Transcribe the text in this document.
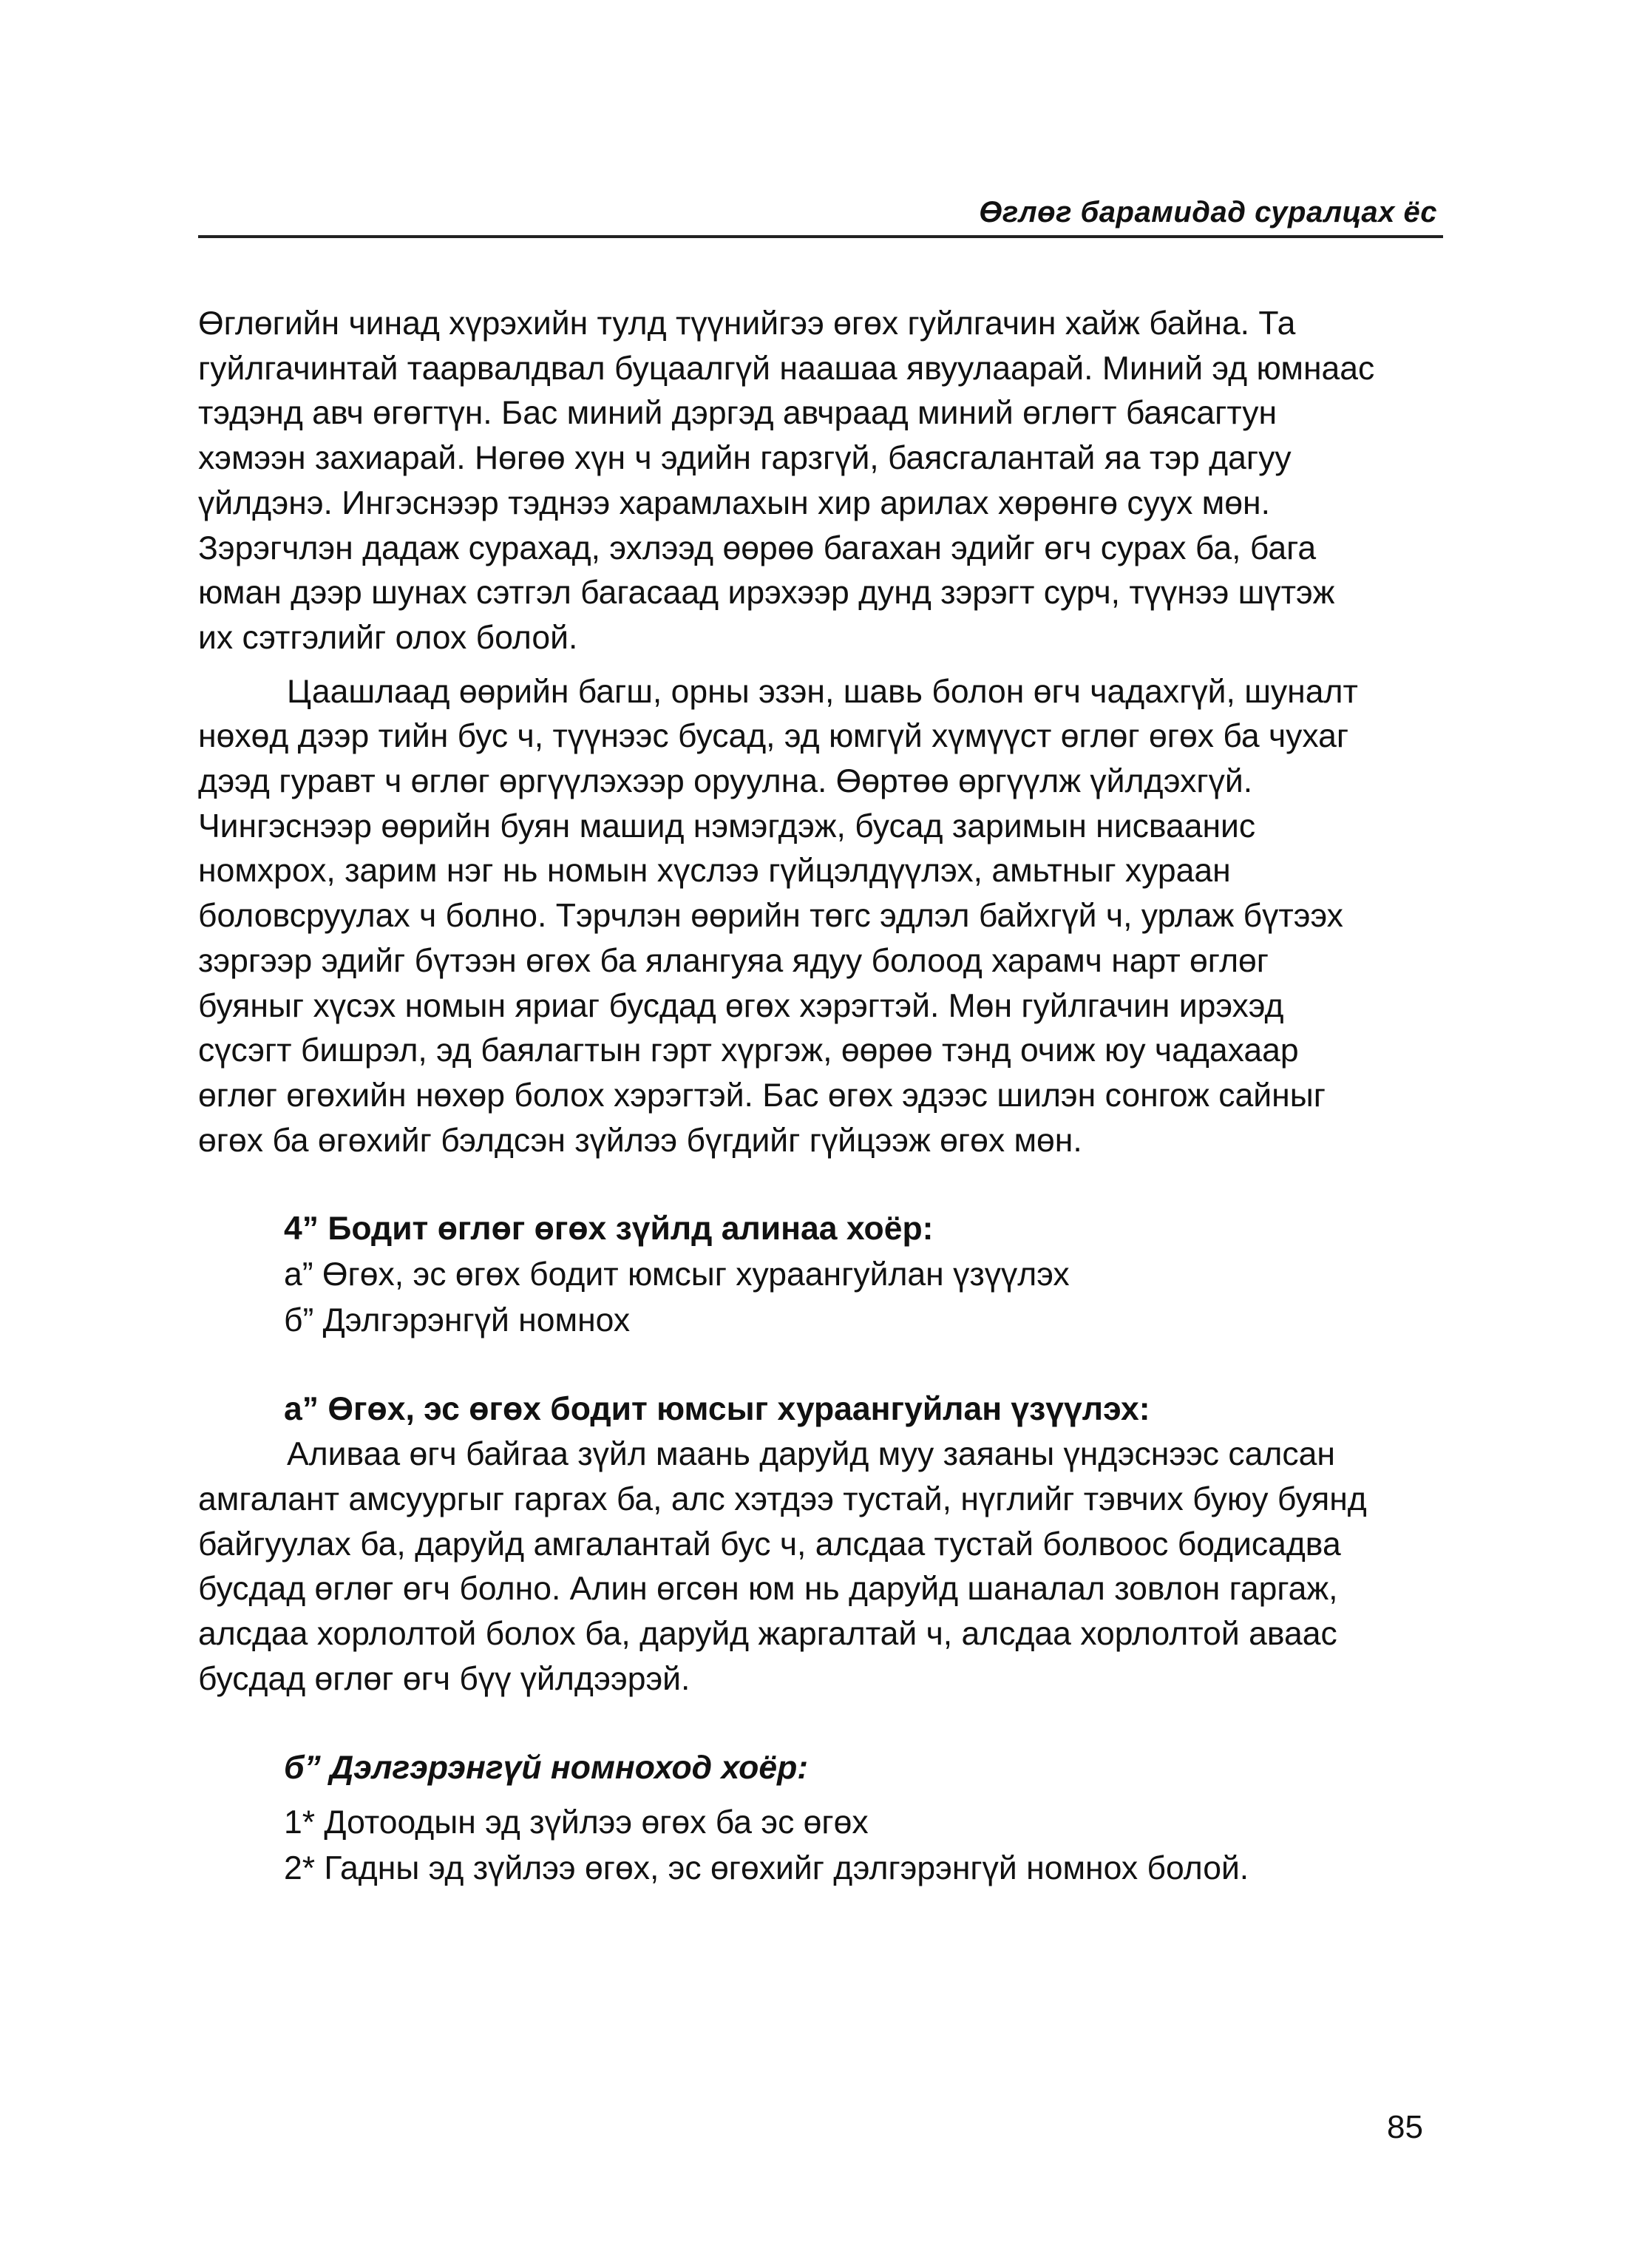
Өглөг барамидад суралцах ёс

Өглөгийн чинад хүрэхийн тулд түүнийгээ өгөх гуйлгачин хайж байна. Та

гуйлгачинтай таарвалдвал буцаалгүй наашaa явуулаарай. Миний эд юмнаас

тэдэнд авч өгөгтүн. Бас миний дэргэд авчраад миний өглөгт баясагтун

хэмээн захиарай. Нөгөө хүн ч эдийн гарзгүй, баясгалантай яа тэр дагуу

үйлдэнэ. Ингэснээр тэднээ харамлахын хир арилах хөрөнгө суух мөн.

Зэрэгчлэн дадаж сурахад, эхлээд өөрөө багахан эдийг өгч сурах ба, бага

юман дээр шунах сэтгэл багасаад ирэхээр дунд зэрэгт сурч, түүнээ шүтэж

их сэтгэлийг олох болой.

Цаашлаад өөрийн багш, орны эзэн, шавь болон өгч чадахгүй, шуналт

нөхөд дээр тийн бус ч, түүнээс бусад, эд юмгүй хүмүүст өглөг өгөх ба чухаг

дээд гуравт ч өглөг өргүүлэхээр оруулна. Өөртөө өргүүлж үйлдэхгүй.

Чингэснээр өөрийн буян машид нэмэгдэж, бусад заримын нисваанис

номхрох, зарим нэг нь номын хүслээ гүйцэлдүүлэх, амьтныг хураан

боловсруулах ч болно. Тэрчлэн өөрийн төгс эдлэл байхгүй ч, урлаж бүтээх

зэргээр эдийг бүтээн өгөх ба ялангуяа ядуу болоод харамч нарт өглөг

буяныг хүсэх номын яриаг бусдад өгөх хэрэгтэй. Мөн гуйлгачин ирэхэд

сүсэгт бишрэл, эд баялагтын гэрт хүргэж, өөрөө тэнд очиж юу чадахаар

өглөг өгөхийн нөхөр болох хэрэгтэй. Бас өгөх эдээс шилэн сонгож сайныг

өгөх ба өгөхийг бэлдсэн зүйлээ бүгдийг гүйцээж өгөх мөн.

4” Бодит өглөг өгөх зүйлд алинаа хоёр:

а” Өгөх, эс өгөх бодит юмсыг хураангуйлан үзүүлэх

б” Дэлгэрэнгүй номнох

а” Өгөх, эс өгөх бодит юмсыг хураангуйлан үзүүлэх:

Аливаа өгч байгаа зүйл маань даруйд муу заяаны үндэснээс салсан

амгалант амсуургыг гаргах ба, алс хэтдээ тустай, нүглийг тэвчих буюу буянд

байгуулах ба, даруйд амгалантай бус ч, алсдаа тустай болвоос бодисадва

бусдад өглөг өгч болно. Алин өгсөн юм нь даруйд шаналал зовлон гаргаж,

алсдаа хорлолтой болох ба, даруйд жаргалтай ч, алсдаа хорлолтой аваас

бусдад өглөг өгч бүү үйлдээрэй.

б” Дэлгэрэнгүй номноход хоёр:

1* Дотоодын эд зүйлээ өгөх ба эс өгөх

2* Гадны эд зүйлээ өгөх, эс өгөхийг дэлгэрэнгүй номнох болой.

85
